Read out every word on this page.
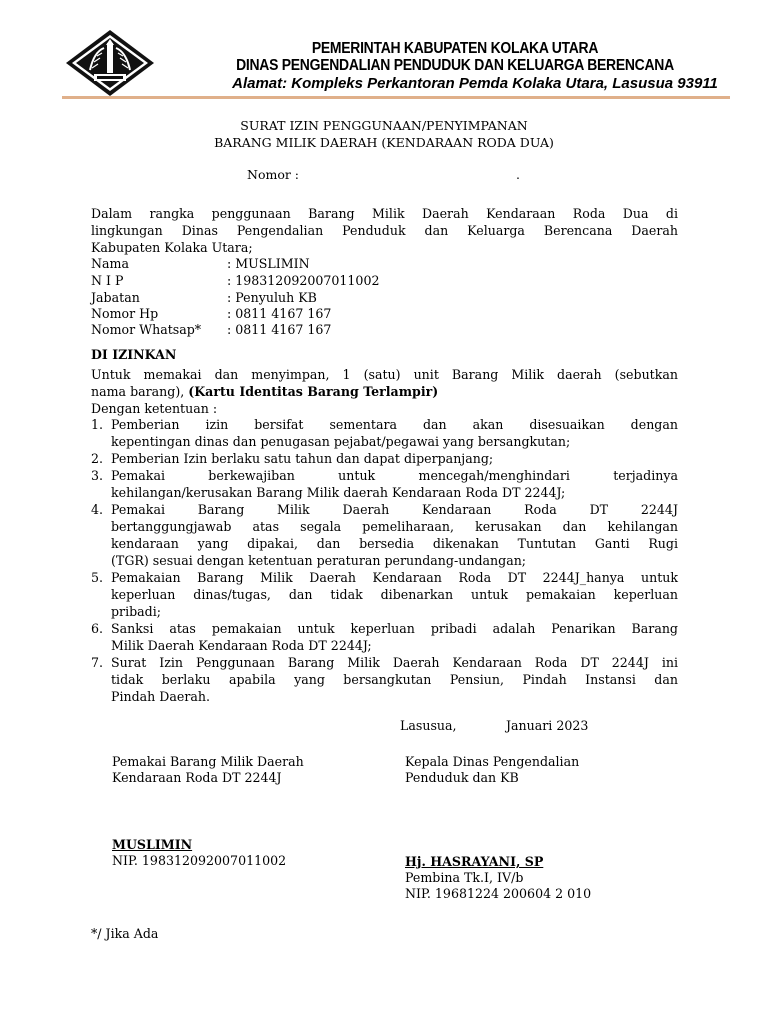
PEMERINTAH KABUPATEN KOLAKA UTARA
DINAS PENGENDALIAN PENDUDUK DAN KELUARGA BERENCANA
Alamat: Kompleks Perkantoran Pemda Kolaka Utara, Lasusua 93911
SURAT IZIN PENGGUNAAN/PENYIMPANAN
BARANG MILIK DAERAH (KENDARAAN RODA DUA)
Nomor :	.
Dalam rangka penggunaan Barang Milik Daerah Kendaraan Roda Dua di
lingkungan Dinas Pengendalian Penduduk dan Keluarga Berencana Daerah
Kabupaten Kolaka Utara;
Nama	: MUSLIMIN
N I P	: 198312092007011002
Jabatan	: Penyuluh KB
Nomor Hp	: 0811 4167 167
Nomor Whatsap* : 0811 4167 167
DI IZINKAN
Untuk memakai dan menyimpan, 1 (satu) unit Barang Milik daerah (sebutkan
nama barang), (Kartu Identitas Barang Terlampir)
Dengan ketentuan :
1. Pemberian izin bersifat sementara dan akan disesuaikan dengan
kepentingan dinas dan penugasan pejabat/pegawai yang bersangkutan;
2. Pemberian Izin berlaku satu tahun dan dapat diperpanjang;
3. Pemakai berkewajiban untuk mencegah/menghindari terjadinya
kehilangan/kerusakan Barang Milik daerah Kendaraan Roda DT 2244J;
4. Pemakai Barang Milik Daerah Kendaraan Roda DT 2244J
bertanggungjawab atas segala pemeliharaan, kerusakan dan kehilangan
kendaraan yang dipakai, dan bersedia dikenakan Tuntutan Ganti Rugi
(TGR) sesuai dengan ketentuan peraturan perundang-undangan;
5. Pemakaian Barang Milik Daerah Kendaraan Roda DT 2244J_hanya untuk
keperluan dinas/tugas, dan tidak dibenarkan untuk pemakaian keperluan
pribadi;
6. Sanksi atas pemakaian untuk keperluan pribadi adalah Penarikan Barang
Milik Daerah Kendaraan Roda DT 2244J;
7. Surat Izin Penggunaan Barang Milik Daerah Kendaraan Roda DT 2244J ini
tidak berlaku apabila yang bersangkutan Pensiun, Pindah Instansi dan
Pindah Daerah.
Lasusua,	Januari 2023
Pemakai Barang Milik Daerah
Kendaraan Roda DT 2244J
MUSLIMIN
NIP. 198312092007011002
Kepala Dinas Pengendalian
Penduduk dan KB
Hj. HASRAYANI, SP
Pembina Tk.I, IV/b
NIP. 19681224 200604 2 010
*/ Jika Ada
